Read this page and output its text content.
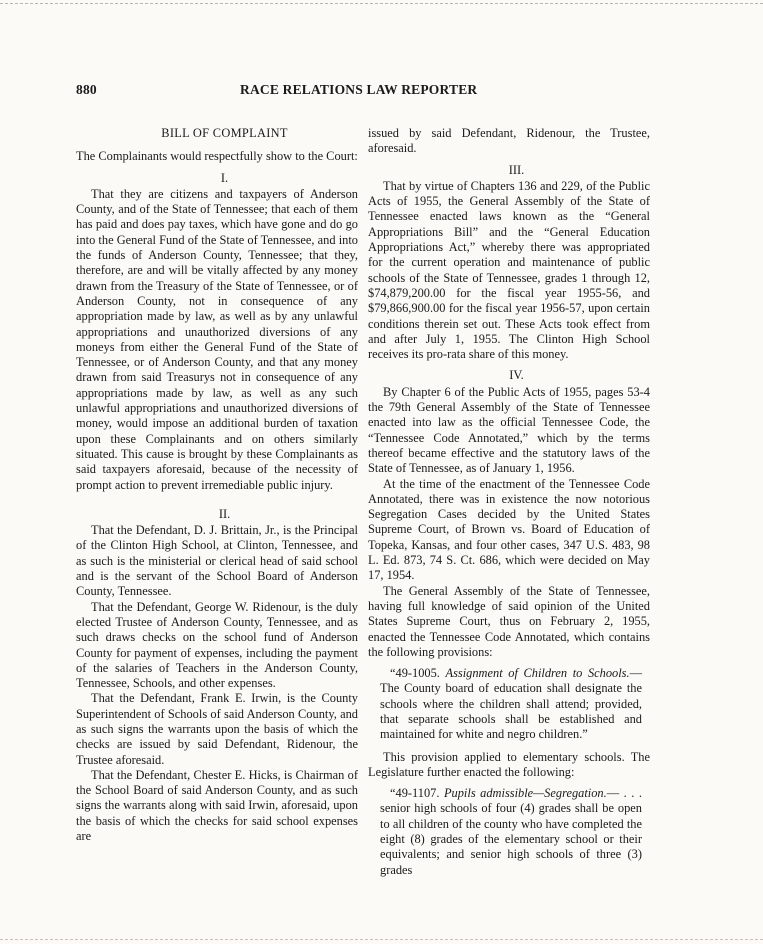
880	RACE RELATIONS LAW REPORTER

BILL OF COMPLAINT

The Complainants would respectfully show to the Court:

I.

That they are citizens and taxpayers of Anderson County, and of the State of Tennessee; that each of them has paid and does pay taxes, which have gone and do go into the General Fund of the State of Tennessee, and into the funds of Anderson County, Tennessee; that they, therefore, are and will be vitally affected by any money drawn from the Treasury of the State of Tennessee, or of Anderson County, not in consequence of any appropriation made by law, as well as by any unlawful appropriations and unauthorized diversions of any moneys from either the General Fund of the State of Tennessee, or of Anderson County, and that any money drawn from said Treasurys not in consequence of any appropriations made by law, as well as any such unlawful appropriations and unauthorized diversions of money, would impose an additional burden of taxation upon these Complainants and on others similarly situated. This cause is brought by these Complainants as said taxpayers aforesaid, because of the necessity of prompt action to prevent irremediable public injury.

II.

That the Defendant, D. J. Brittain, Jr., is the Principal of the Clinton High School, at Clinton, Tennessee, and as such is the ministerial or clerical head of said school and is the servant of the School Board of Anderson County, Tennessee.

That the Defendant, George W. Ridenour, is the duly elected Trustee of Anderson County, Tennessee, and as such draws checks on the school fund of Anderson County for payment of expenses, including the payment of the salaries of Teachers in the Anderson County, Tennessee, Schools, and other expenses.

That the Defendant, Frank E. Irwin, is the County Superintendent of Schools of said Anderson County, and as such signs the warrants upon the basis of which the checks are issued by said Defendant, Ridenour, the Trustee aforesaid.

That the Defendant, Chester E. Hicks, is Chairman of the School Board of said Anderson County, and as such signs the warrants along with said Irwin, aforesaid, upon the basis of which the checks for said school expenses are

issued by said Defendant, Ridenour, the Trustee, aforesaid.

III.

That by virtue of Chapters 136 and 229, of the Public Acts of 1955, the General Assembly of the State of Tennessee enacted laws known as the “General Appropriations Bill” and the “General Education Appropriations Act,” whereby there was appropriated for the current operation and maintenance of public schools of the State of Tennessee, grades 1 through 12, $74,879,200.00 for the fiscal year 1955-56, and $79,866,900.00 for the fiscal year 1956-57, upon certain conditions therein set out. These Acts took effect from and after July 1, 1955. The Clinton High School receives its pro-rata share of this money.

IV.

By Chapter 6 of the Public Acts of 1955, pages 53-4 the 79th General Assembly of the State of Tennessee enacted into law as the official Tennessee Code, the “Tennessee Code Annotated,” which by the terms thereof became effective and the statutory laws of the State of Tennessee, as of January 1, 1956.

At the time of the enactment of the Tennessee Code Annotated, there was in existence the now notorious Segregation Cases decided by the United States Supreme Court, of Brown vs. Board of Education of Topeka, Kansas, and four other cases, 347 U.S. 483, 98 L. Ed. 873, 74 S. Ct. 686, which were decided on May 17, 1954.

The General Assembly of the State of Tennessee, having full knowledge of said opinion of the United States Supreme Court, thus on February 2, 1955, enacted the Tennessee Code Annotated, which contains the following provisions:

“49-1005. Assignment of Children to Schools.—The County board of education shall designate the schools where the children shall attend; provided, that separate schools shall be established and maintained for white and negro children.”

This provision applied to elementary schools. The Legislature further enacted the following:

“49-1107. Pupils admissible—Segregation.— . . . senior high schools of four (4) grades shall be open to all children of the county who have completed the eight (8) grades of the elementary school or their equivalents; and senior high schools of three (3) grades
